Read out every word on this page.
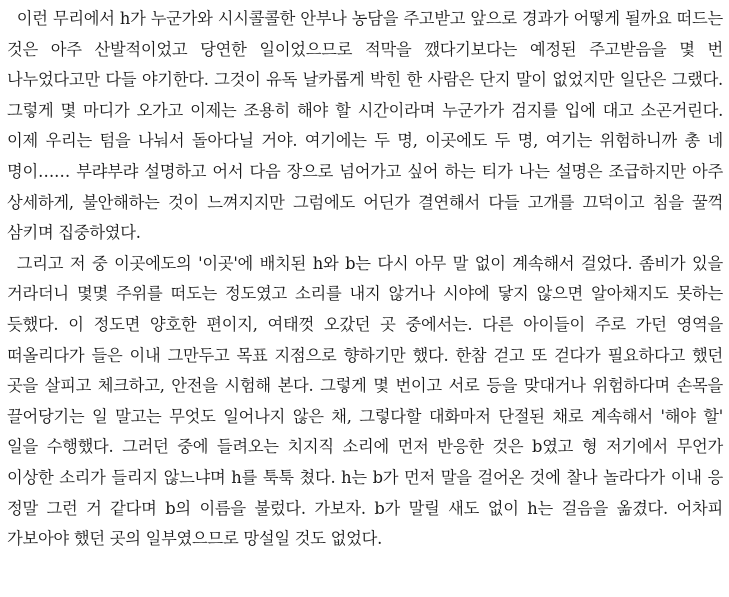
이런 무리에서 h가 누군가와 시시콜콜한 안부나 농담을 주고받고 앞으로 경과가 어떻게 될까요 떠드는 것은 아주 산발적이었고 당연한 일이었으므로 적막을 깼다기보다는 예정된 주고받음을 몇 번 나누었다고만 다들 야기한다. 그것이 유독 날카롭게 박힌 한 사람은 단지 말이 없었지만 일단은 그랬다. 그렇게 몇 마디가 오가고 이제는 조용히 해야 할 시간이라며 누군가가 검지를 입에 대고 소곤거린다. 이제 우리는 텀을 나눠서 돌아다닐 거야. 여기에는 두 명, 이곳에도 두 명, 여기는 위험하니까 총 네 명이…… 부랴부랴 설명하고 어서 다음 장으로 넘어가고 싶어 하는 티가 나는 설명은 조급하지만 아주 상세하게, 불안해하는 것이 느껴지지만 그럼에도 어딘가 결연해서 다들 고개를 끄덕이고 침을 꿀꺽 삼키며 집중하였다.

그리고 저 중 이곳에도의 '이곳'에 배치된 h와 b는 다시 아무 말 없이 계속해서 걸었다. 좀비가 있을 거라더니 몇몇 주위를 떠도는 정도였고 소리를 내지 않거나 시야에 닿지 않으면 알아채지도 못하는 듯했다. 이 정도면 양호한 편이지, 여태껏 오갔던 곳 중에서는. 다른 아이들이 주로 가던 영역을 떠올리다가 들은 이내 그만두고 목표 지점으로 향하기만 했다. 한참 걷고 또 걷다가 필요하다고 했던 곳을 살피고 체크하고, 안전을 시험해 본다. 그렇게 몇 번이고 서로 등을 맞대거나 위험하다며 손목을 끌어당기는 일 말고는 무엇도 일어나지 않은 채, 그렇다할 대화마저 단절된 채로 계속해서 '해야 할' 일을 수행했다. 그러던 중에 들려오는 치지직 소리에 먼저 반응한 것은 b였고 형 저기에서 무언가 이상한 소리가 들리지 않느냐며 h를 툭툭 쳤다. h는 b가 먼저 말을 걸어온 것에 찰나 놀라다가 이내 응 정말 그런 거 같다며 b의 이름을 불렀다. 가보자. b가 말릴 새도 없이 h는 걸음을 옮겼다. 어차피 가보아야 했던 곳의 일부였으므로 망설일 것도 없었다.
